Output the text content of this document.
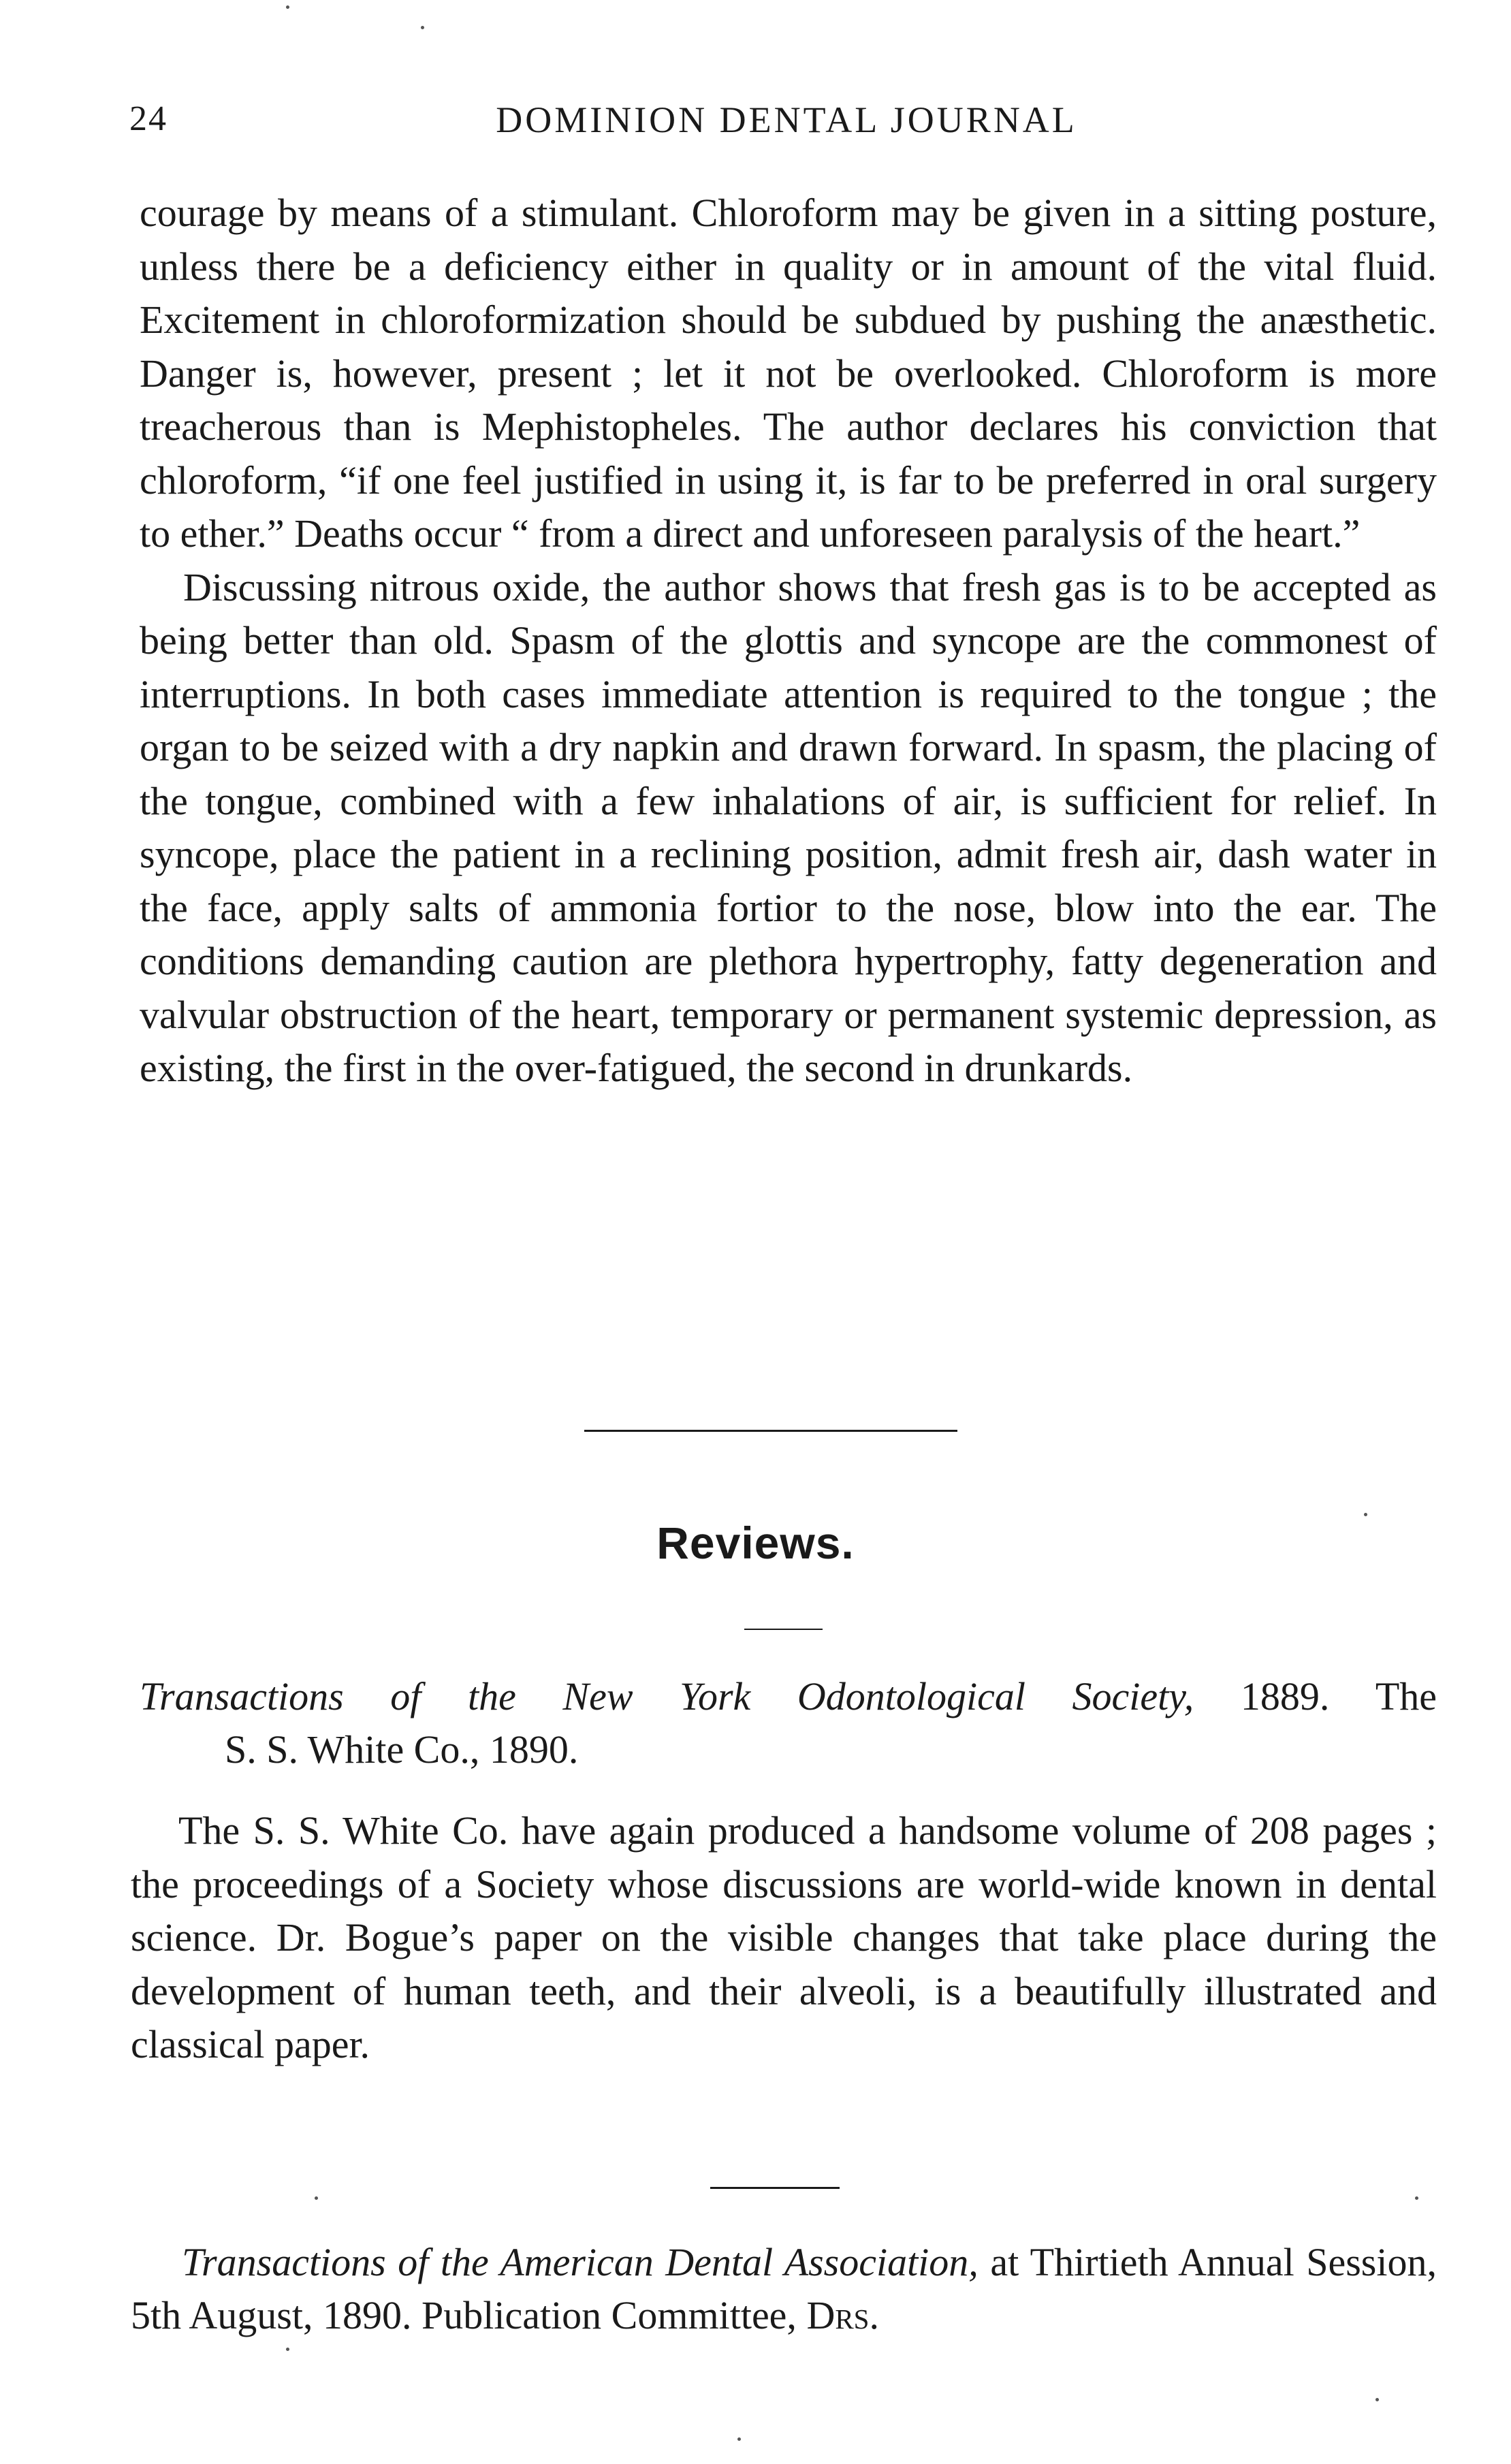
24	DOMINION DENTAL JOURNAL

courage by means of a stimulant. Chloroform may be given in a sitting posture, unless there be a deficiency either in quality or in amount of the vital fluid. Excitement in chloroformization should be subdued by pushing the anæsthetic. Danger is, however, present ; let it not be overlooked. Chloroform is more treacherous than is Mephistopheles. The author declares his conviction that chloroform, “if one feel justified in using it, is far to be preferred in oral surgery to ether.” Deaths occur “ from a direct and unforeseen paralysis of the heart.”
Discussing nitrous oxide, the author shows that fresh gas is to be accepted as being better than old. Spasm of the glottis and syncope are the commonest of interruptions. In both cases immediate attention is required to the tongue ; the organ to be seized with a dry napkin and drawn forward. In spasm, the placing of the tongue, combined with a few inhalations of air, is sufficient for relief. In syncope, place the patient in a reclining position, admit fresh air, dash water in the face, apply salts of ammonia fortior to the nose, blow into the ear. The conditions demanding caution are plethora hypertrophy, fatty degeneration and valvular obstruction of the heart, temporary or permanent systemic depression, as existing, the first in the over-fatigued, the second in drunkards.

Reviews.

Transactions of the New York Odontological Society, 1889. The
S. S. White Co., 1890.

The S. S. White Co. have again produced a handsome volume of 208 pages ; the proceedings of a Society whose discussions are world-wide known in dental science. Dr. Bogue’s paper on the visible changes that take place during the development of human teeth, and their alveoli, is a beautifully illustrated and classical paper.

Transactions of the American Dental Association, at Thirtieth Annual Session, 5th August, 1890. Publication Committee, Drs.
